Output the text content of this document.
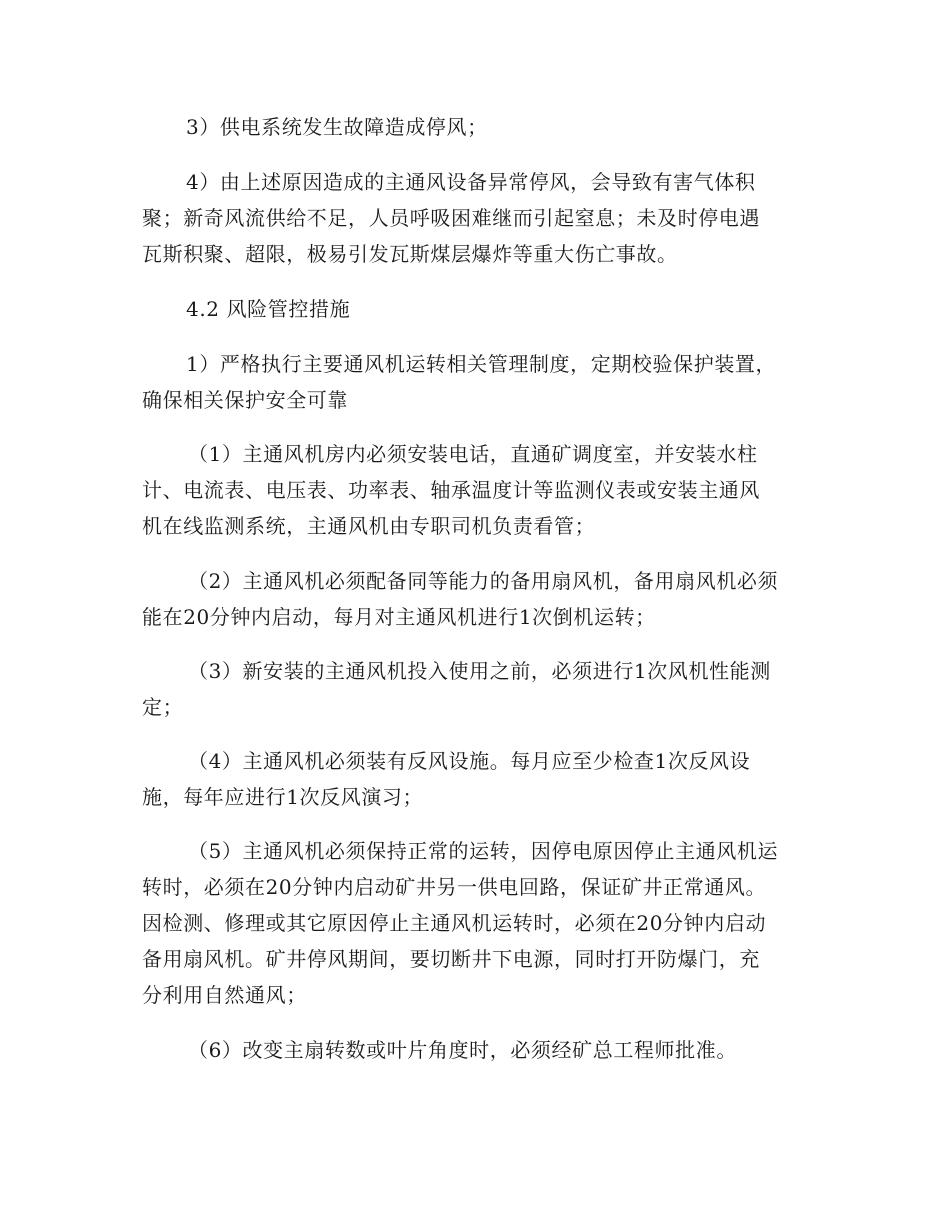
3）供电系统发生故障造成停风；
4）由上述原因造成的主通风设备异常停风，会导致有害气体积
聚；新奇风流供给不足，人员呼吸困难继而引起窒息；未及时停电遇
瓦斯积聚、超限，极易引发瓦斯煤层爆炸等重大伤亡事故。
4.2 风险管控措施
1）严格执行主要通风机运转相关管理制度，定期校验保护装置，
确保相关保护安全可靠
（1）主通风机房内必须安装电话，直通矿调度室，并安装水柱
计、电流表、电压表、功率表、轴承温度计等监测仪表或安装主通风
机在线监测系统，主通风机由专职司机负责看管；
（2）主通风机必须配备同等能力的备用扇风机，备用扇风机必须
能在20分钟内启动，每月对主通风机进行1次倒机运转；
（3）新安装的主通风机投入使用之前，必须进行1次风机性能测
定；
（4）主通风机必须装有反风设施。每月应至少检查1次反风设
施，每年应进行1次反风演习；
（5）主通风机必须保持正常的运转，因停电原因停止主通风机运
转时，必须在20分钟内启动矿井另一供电回路，保证矿井正常通风。
因检测、修理或其它原因停止主通风机运转时，必须在20分钟内启动
备用扇风机。矿井停风期间，要切断井下电源，同时打开防爆门，充
分利用自然通风；
（6）改变主扇转数或叶片角度时，必须经矿总工程师批准。
